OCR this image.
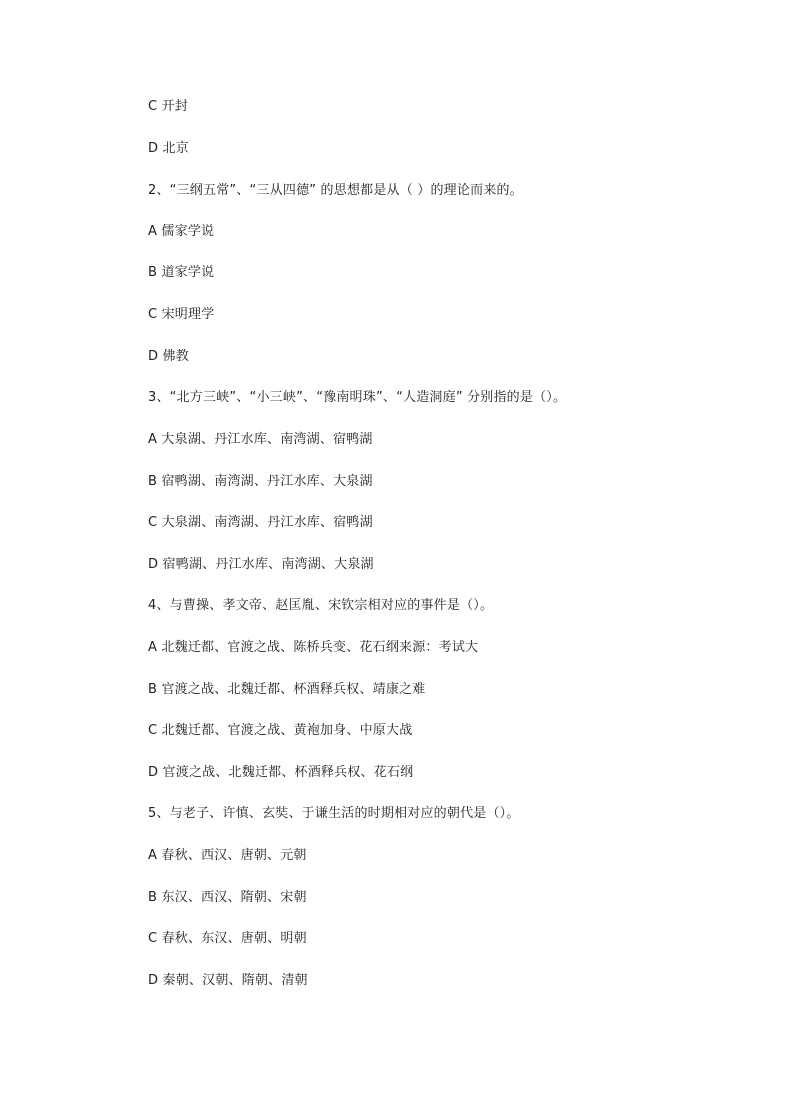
C 开封

D 北京

2、“三纲五常”、“三从四德” 的思想都是从（ ）的理论而来的。

A 儒家学说

B 道家学说

C 宋明理学

D 佛教

3、“北方三峡”、“小三峡”、“豫南明珠”、“人造洞庭” 分别指的是（）。

A 大泉湖、丹江水库、南湾湖、宿鸭湖

B 宿鸭湖、南湾湖、丹江水库、大泉湖

C 大泉湖、南湾湖、丹江水库、宿鸭湖

D 宿鸭湖、丹江水库、南湾湖、大泉湖

4、与曹操、孝文帝、赵匡胤、宋钦宗相对应的事件是（）。

A 北魏迁都、官渡之战、陈桥兵变、花石纲来源：考试大

B 官渡之战、北魏迁都、杯酒释兵权、靖康之难

C 北魏迁都、官渡之战、黄袍加身、中原大战

D 官渡之战、北魏迁都、杯酒释兵权、花石纲

5、与老子、许慎、玄奘、于谦生活的时期相对应的朝代是（）。

A 春秋、西汉、唐朝、元朝

B 东汉、西汉、隋朝、宋朝

C 春秋、东汉、唐朝、明朝

D 秦朝、汉朝、隋朝、清朝
